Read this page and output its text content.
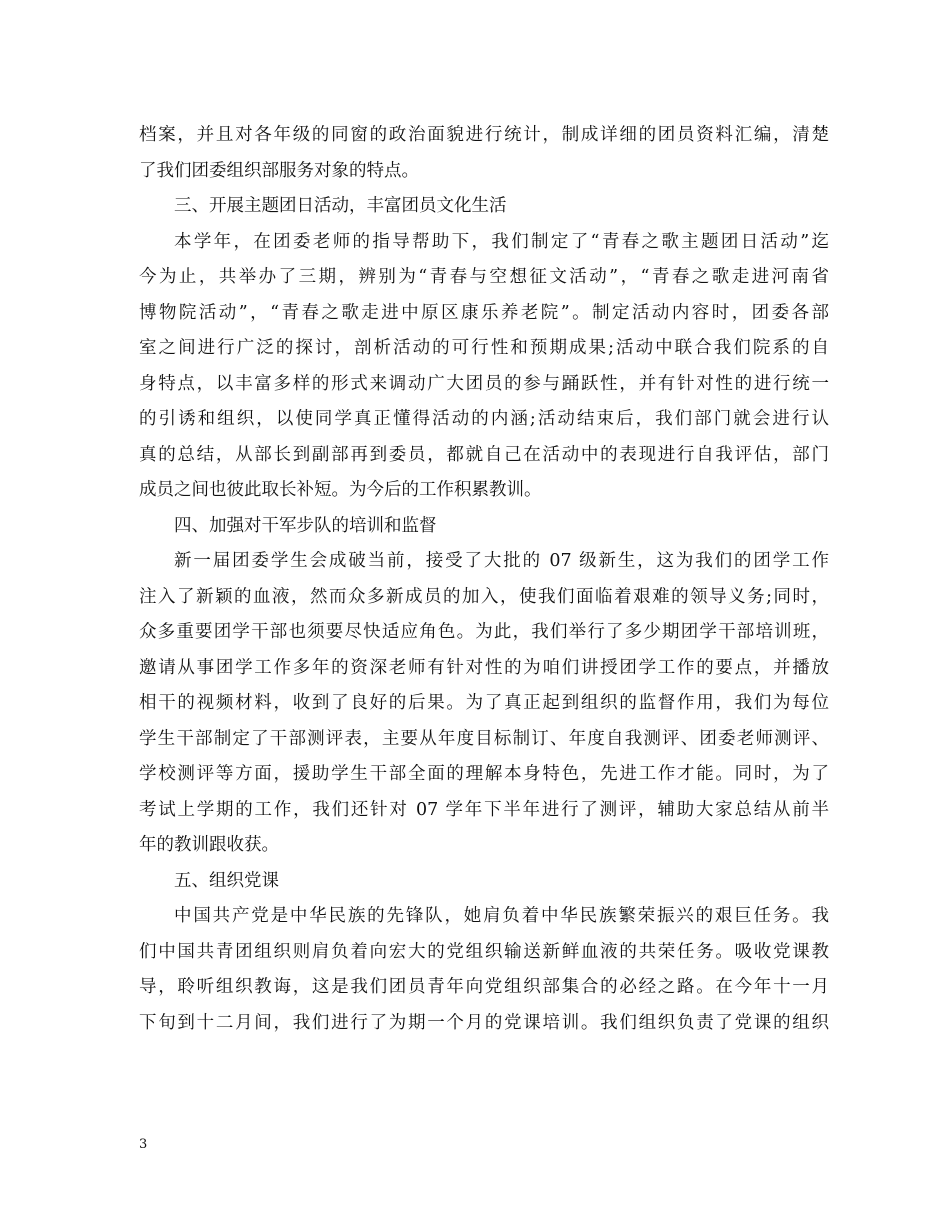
档案，并且对各年级的同窗的政治面貌进行统计，制成详细的团员资料汇编，清楚
了我们团委组织部服务对象的特点。
三、开展主题团日活动，丰富团员文化生活
本学年，在团委老师的指导帮助下，我们制定了“青春之歌主题团日活动”迄
今为止，共举办了三期，辨别为“青春与空想征文活动”，“青春之歌走进河南省
博物院活动”，“青春之歌走进中原区康乐养老院”。制定活动内容时，团委各部
室之间进行广泛的探讨，剖析活动的可行性和预期成果;活动中联合我们院系的自
身特点，以丰富多样的形式来调动广大团员的参与踊跃性，并有针对性的进行统一
的引诱和组织，以使同学真正懂得活动的内涵;活动结束后，我们部门就会进行认
真的总结，从部长到副部再到委员，都就自己在活动中的表现进行自我评估，部门
成员之间也彼此取长补短。为今后的工作积累教训。
四、加强对干军步队的培训和监督
新一届团委学生会成破当前，接受了大批的 07 级新生，这为我们的团学工作
注入了新颖的血液，然而众多新成员的加入，使我们面临着艰难的领导义务;同时，
众多重要团学干部也须要尽快适应角色。为此，我们举行了多少期团学干部培训班，
邀请从事团学工作多年的资深老师有针对性的为咱们讲授团学工作的要点，并播放
相干的视频材料，收到了良好的后果。为了真正起到组织的监督作用，我们为每位
学生干部制定了干部测评表，主要从年度目标制订、年度自我测评、团委老师测评、
学校测评等方面，援助学生干部全面的理解本身特色，先进工作才能。同时，为了
考试上学期的工作，我们还针对 07 学年下半年进行了测评，辅助大家总结从前半
年的教训跟收获。
五、组织党课
中国共产党是中华民族的先锋队，她肩负着中华民族繁荣振兴的艰巨任务。我
们中国共青团组织则肩负着向宏大的党组织输送新鲜血液的共荣任务。吸收党课教
导，聆听组织教诲，这是我们团员青年向党组织部集合的必经之路。在今年十一月
下旬到十二月间，我们进行了为期一个月的党课培训。我们组织负责了党课的组织
3
